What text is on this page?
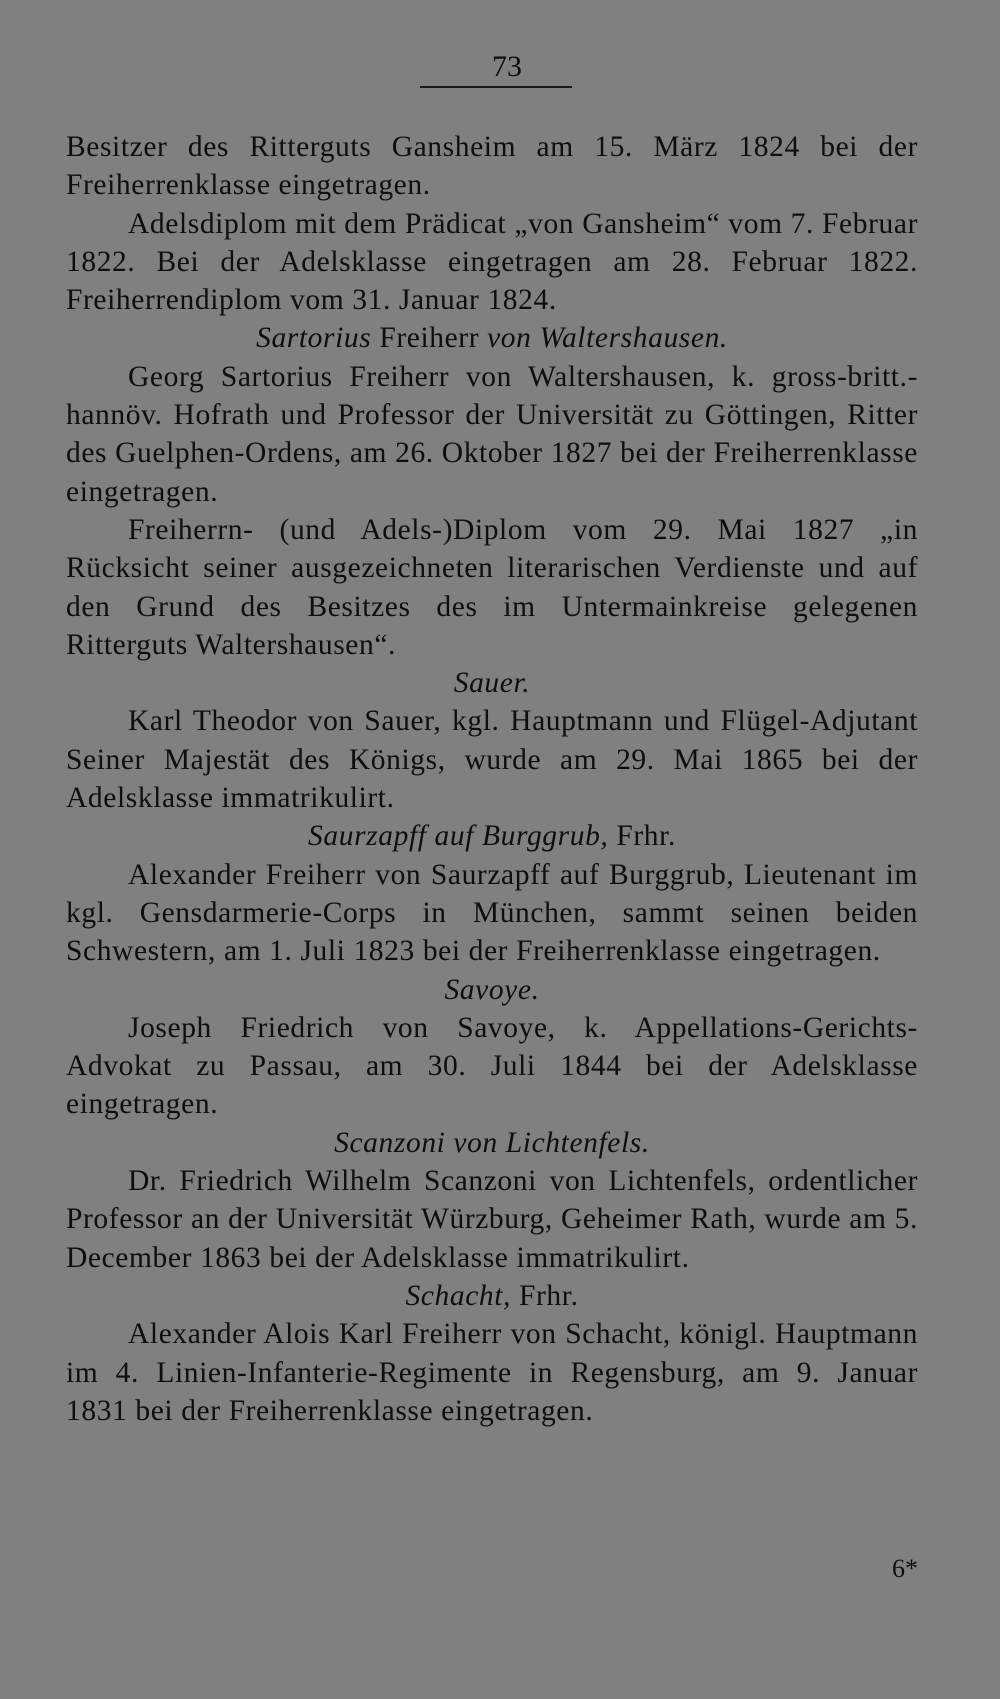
73

Besitzer des Ritterguts Gansheim am 15. März 1824 bei der Freiherrenklasse eingetragen.

Adelsdiplom mit dem Prädicat „von Gansheim“ vom 7. Februar 1822. Bei der Adelsklasse eingetragen am 28. Februar 1822. Freiherrendiplom vom 31. Januar 1824.

Sartorius Freiherr von Waltershausen.

Georg Sartorius Freiherr von Waltershausen, k. gross-britt.-hannöv. Hofrath und Professor der Universität zu Göttingen, Ritter des Guelphen-Ordens, am 26. Oktober 1827 bei der Freiherrenklasse eingetragen.

Freiherrn- (und Adels-)Diplom vom 29. Mai 1827 „in Rücksicht seiner ausgezeichneten literarischen Verdienste und auf den Grund des Besitzes des im Untermainkreise gelegenen Ritterguts Waltershausen“.

Sauer.

Karl Theodor von Sauer, kgl. Hauptmann und Flügel-Adjutant Seiner Majestät des Königs, wurde am 29. Mai 1865 bei der Adelsklasse immatrikulirt.

Saurzapff auf Burggrub, Frhr.

Alexander Freiherr von Saurzapff auf Burggrub, Lieutenant im kgl. Gensdarmerie-Corps in München, sammt seinen beiden Schwestern, am 1. Juli 1823 bei der Freiherrenklasse eingetragen.

Savoye.

Joseph Friedrich von Savoye, k. Appellations-Gerichts-Advokat zu Passau, am 30. Juli 1844 bei der Adelsklasse eingetragen.

Scanzoni von Lichtenfels.

Dr. Friedrich Wilhelm Scanzoni von Lichtenfels, ordentlicher Professor an der Universität Würzburg, Geheimer Rath, wurde am 5. December 1863 bei der Adelsklasse immatrikulirt.

Schacht, Frhr.

Alexander Alois Karl Freiherr von Schacht, königl. Hauptmann im 4. Linien-Infanterie-Regimente in Regensburg, am 9. Januar 1831 bei der Freiherrenklasse eingetragen.

6*
